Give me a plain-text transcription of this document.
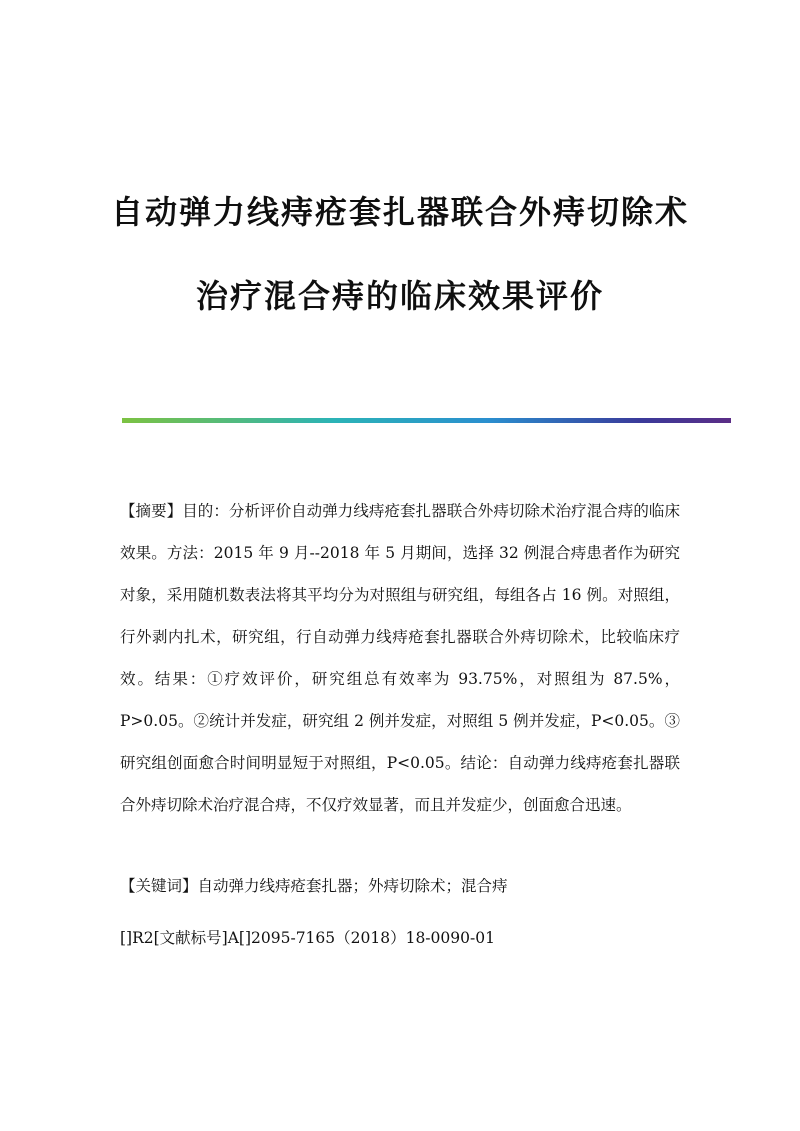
自动弹力线痔疮套扎器联合外痔切除术
治疗混合痔的临床效果评价
【摘要】目的：分析评价自动弹力线痔疮套扎器联合外痔切除术治疗混合痔的临床效果。方法：2015 年 9 月--2018 年 5 月期间，选择 32 例混合痔患者作为研究对象，采用随机数表法将其平均分为对照组与研究组，每组各占 16 例。对照组，行外剥内扎术，研究组，行自动弹力线痔疮套扎器联合外痔切除术，比较临床疗效。结果：①疗效评价，研究组总有效率为 93.75%，对照组为 87.5%，P>0.05。②统计并发症，研究组 2 例并发症，对照组 5 例并发症，P<0.05。③研究组创面愈合时间明显短于对照组，P<0.05。结论：自动弹力线痔疮套扎器联合外痔切除术治疗混合痔，不仅疗效显著，而且并发症少，创面愈合迅速。
【关键词】自动弹力线痔疮套扎器；外痔切除术；混合痔
[]R2[文献标号]A[]2095-7165（2018）18-0090-01
